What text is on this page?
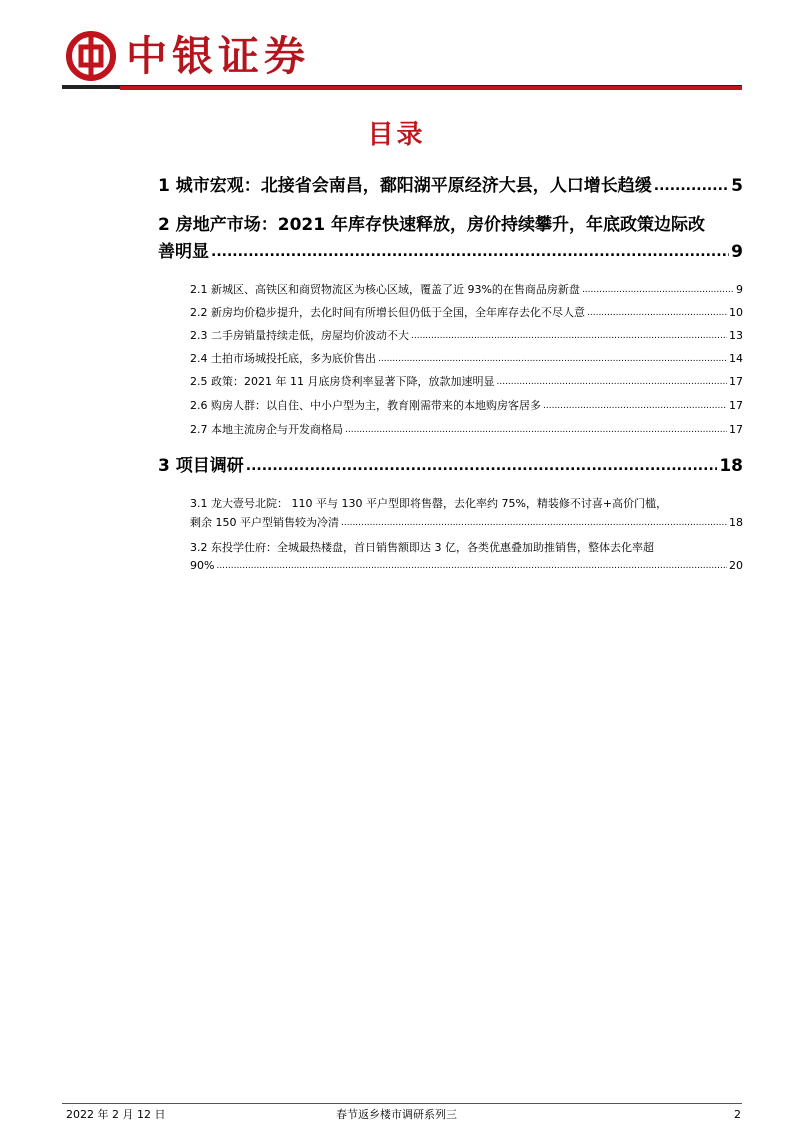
中银证券
目录
1 城市宏观：北接省会南昌，鄱阳湖平原经济大县，人口增长趋缓 .....	5
2 房地产市场：2021 年库存快速释放，房价持续攀升，年底政策边际改
善明显 .....	9
2.1 新城区、高铁区和商贸物流区为核心区域，覆盖了近 93%的在售商品房新盘 .....	9
2.2 新房均价稳步提升，去化时间有所增长但仍低于全国，全年库存去化不尽人意 .....	10
2.3 二手房销量持续走低，房屋均价波动不大 .....	13
2.4 土拍市场城投托底，多为底价售出 .....	14
2.5 政策：2021 年 11 月底房贷利率显著下降，放款加速明显 .....	17
2.6 购房人群：以自住、中小户型为主，教育刚需带来的本地购房客居多 .....	17
2.7 本地主流房企与开发商格局 .....	17
3 项目调研 .....	18
3.1 龙大壹号北院： 110 平与 130 平户型即将售罄，去化率约 75%，精装修不讨喜+高价门槛，
剩余 150 平户型销售较为冷清 .....	18
3.2 东投学仕府：全城最热楼盘，首日销售额即达 3 亿，各类优惠叠加助推销售，整体去化率超
90% .....	20
2022 年 2 月 12 日	春节返乡楼市调研系列三	2
